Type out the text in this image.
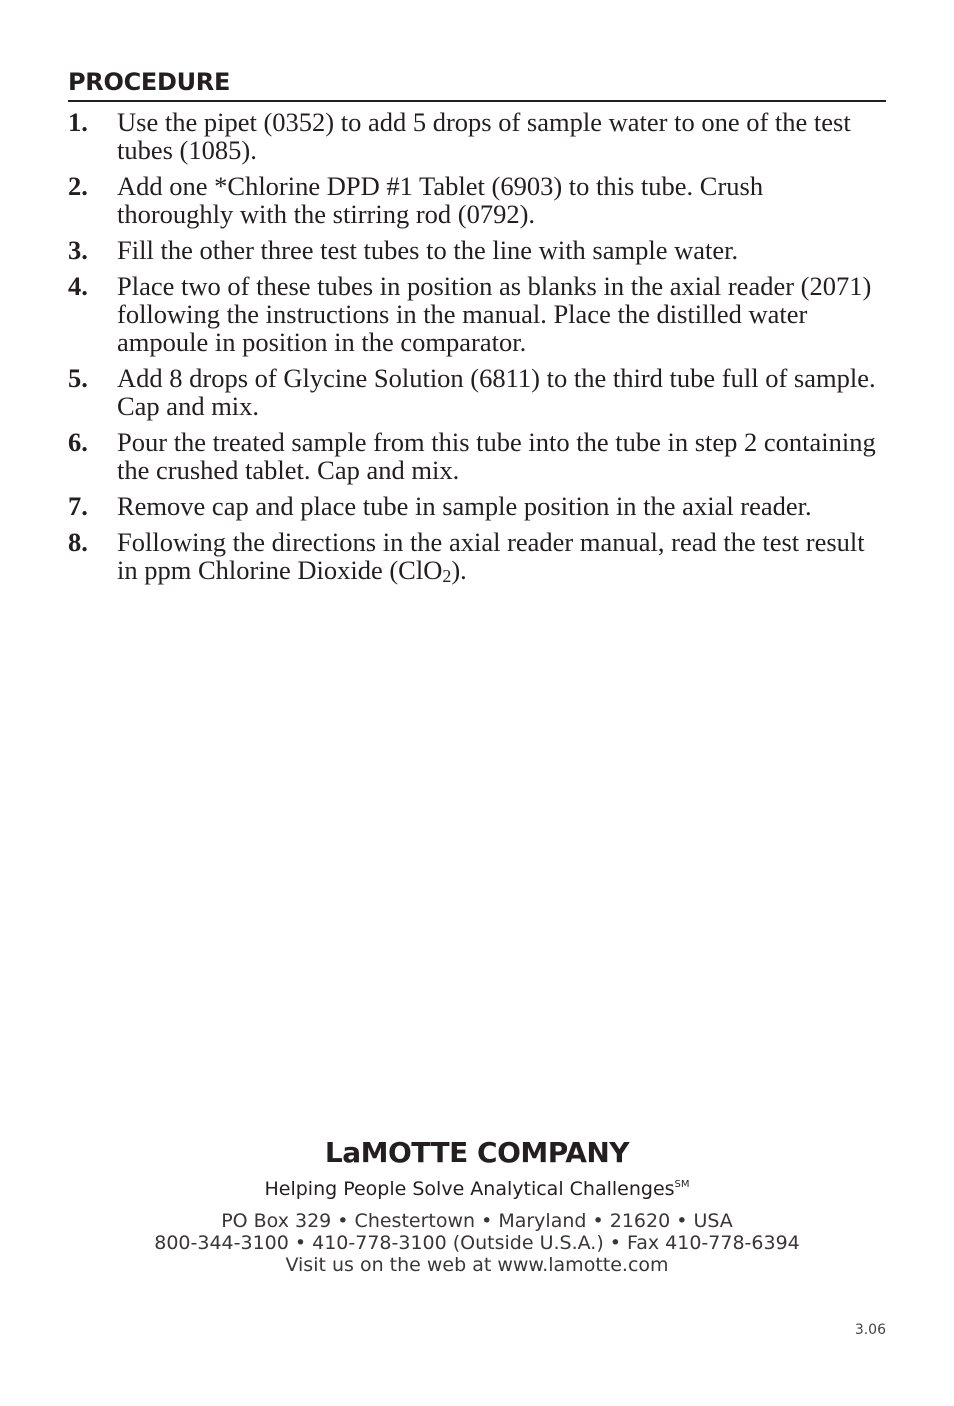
PROCEDURE
1.	Use the pipet (0352) to add 5 drops of sample water to one of the test tubes (1085).
2.	Add one *Chlorine DPD #1 Tablet (6903) to this tube. Crush thoroughly with the stirring rod (0792).
3.	Fill the other three test tubes to the line with sample water.
4.	Place two of these tubes in position as blanks in the axial reader (2071) following the instructions in the manual. Place the distilled water ampoule in position in the comparator.
5.	Add 8 drops of Glycine Solution (6811) to the third tube full of sample. Cap and mix.
6.	Pour the treated sample from this tube into the tube in step 2 containing the crushed tablet. Cap and mix.
7.	Remove cap and place tube in sample position in the axial reader.
8.	Following the directions in the axial reader manual, read the test result in ppm Chlorine Dioxide (ClO$_2$).
LaMOTTE COMPANY
Helping People Solve Analytical Challenges℠
PO Box 329 • Chestertown • Maryland • 21620 • USA
800-344-3100 • 410-778-3100 (Outside U.S.A.) • Fax 410-778-6394
Visit us on the web at www.lamotte.com
3.06
